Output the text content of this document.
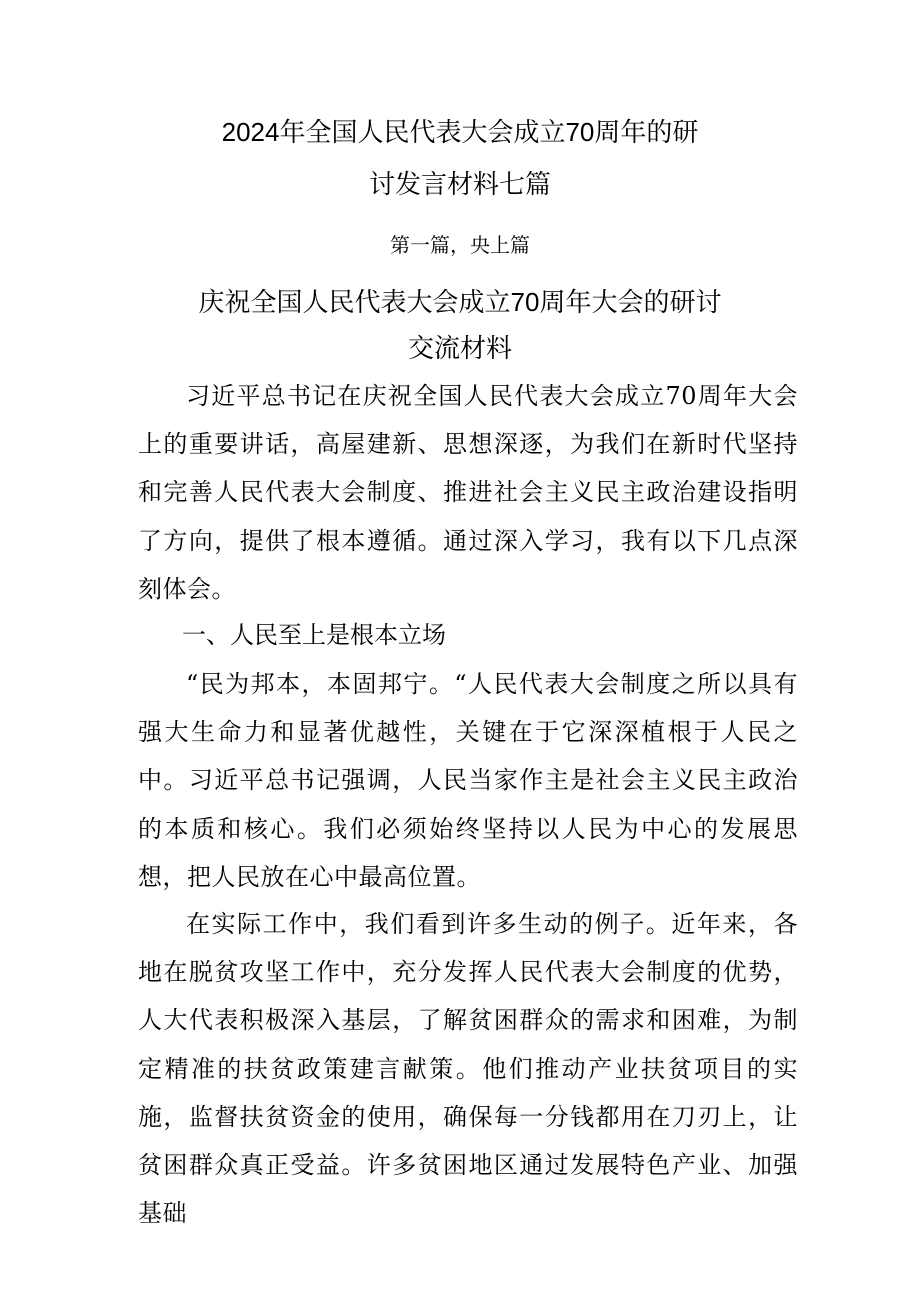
2024年全国人民代表大会成立70周年的研
讨发言材料七篇
第一篇，央上篇
庆祝全国人民代表大会成立70周年大会的研讨
交流材料

习近平总书记在庆祝全国人民代表大会成立70周年大会上的重要讲话，高屋建新、思想深逐，为我们在新时代坚持和完善人民代表大会制度、推进社会主义民主政治建设指明了方向，提供了根本遵循。通过深入学习，我有以下几点深刻体会。

一、人民至上是根本立场

“民为邦本，本固邦宁。“人民代表大会制度之所以具有强大生命力和显著优越性，关键在于它深深植根于人民之中。习近平总书记强调，人民当家作主是社会主义民主政治的本质和核心。我们必须始终坚持以人民为中心的发展思想，把人民放在心中最高位置。

在实际工作中，我们看到许多生动的例子。近年来，各地在脱贫攻坚工作中，充分发挥人民代表大会制度的优势，人大代表积极深入基层，了解贫困群众的需求和困难，为制定精准的扶贫政策建言献策。他们推动产业扶贫项目的实施，监督扶贫资金的使用，确保每一分钱都用在刀刃上，让贫困群众真正受益。许多贫困地区通过发展特色产业、加强基础
